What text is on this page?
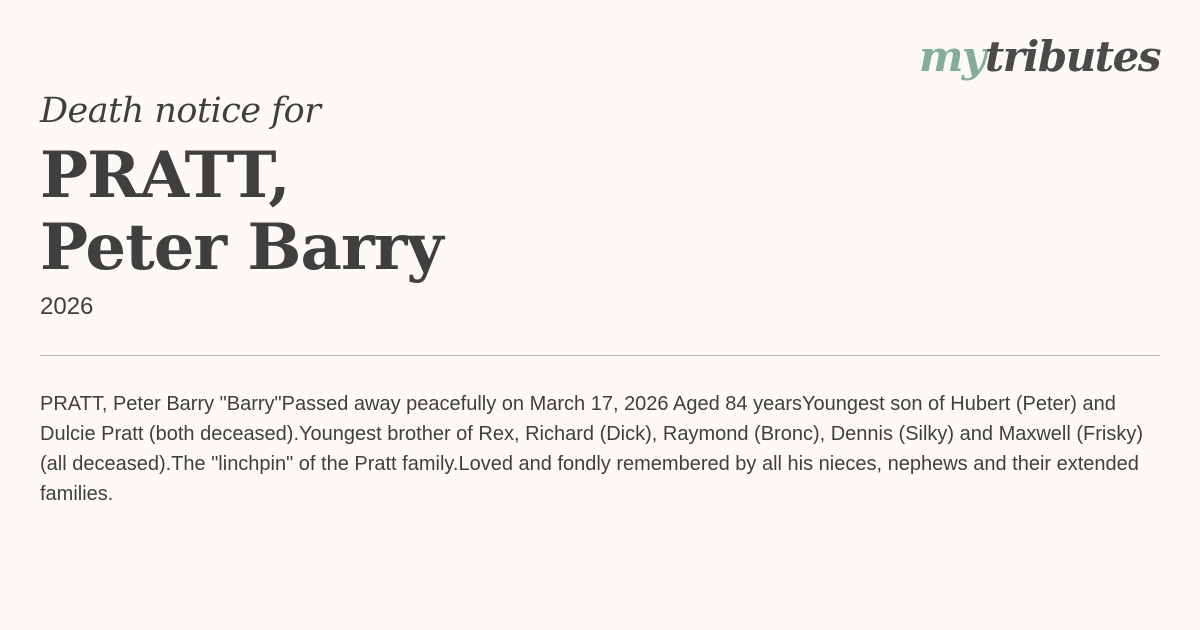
mytributes
Death notice for
PRATT,
Peter Barry
2026

PRATT, Peter Barry "Barry"Passed away peacefully on March 17, 2026 Aged 84 yearsYoungest son of Hubert (Peter) and Dulcie Pratt (both deceased).Youngest brother of Rex, Richard (Dick), Raymond (Bronc), Dennis (Silky) and Maxwell (Frisky) (all deceased).The "linchpin" of the Pratt family.Loved and fondly remembered by all his nieces, nephews and their extended families.
